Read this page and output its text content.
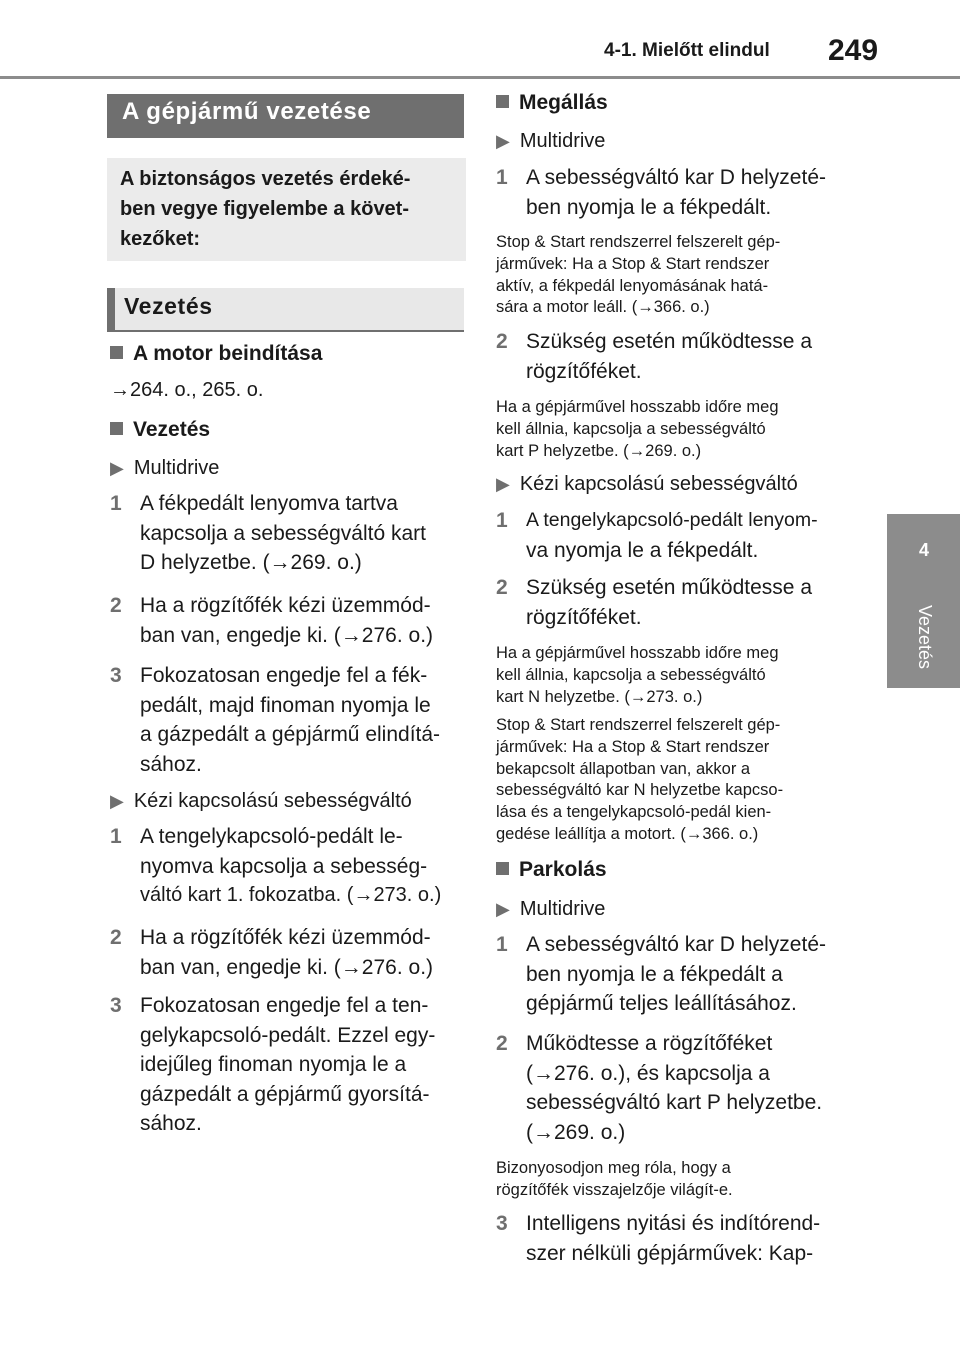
4-1. Mielőtt elindul 249
4
Vezetés
A gépjármű vezetése
A biztonságos vezetés érdeké-
ben vegye figyelembe a követ-
kezőket:
Vezetés
A motor beindítása
→264. o., 265. o.
Vezetés
▶ Multidrive
1 A fékpedált lenyomva tartva
kapcsolja a sebességváltó kart
D helyzetbe. (→269. o.)
2 Ha a rögzítőfék kézi üzemmód-
ban van, engedje ki. (→276. o.)
3 Fokozatosan engedje fel a fék-
pedált, majd finoman nyomja le
a gázpedált a gépjármű elindítá-
sához.
▶ Kézi kapcsolású sebességváltó
1 A tengelykapcsoló-pedált le-
nyomva kapcsolja a sebesség-
váltó kart 1. fokozatba. (→273. o.)
2 Ha a rögzítőfék kézi üzemmód-
ban van, engedje ki. (→276. o.)
3 Fokozatosan engedje fel a ten-
gelykapcsoló-pedált. Ezzel egy-
idejűleg finoman nyomja le a
gázpedált a gépjármű gyorsítá-
sához.
Megállás
▶ Multidrive
1 A sebességváltó kar D helyzeté-
ben nyomja le a fékpedált.
Stop & Start rendszerrel felszerelt gép-
járművek: Ha a Stop & Start rendszer
aktív, a fékpedál lenyomásának hatá-
sára a motor leáll. (→366. o.)
2 Szükség esetén működtesse a
rögzítőféket.
Ha a gépjárművel hosszabb időre meg
kell állnia, kapcsolja a sebességváltó
kart P helyzetbe. (→269. o.)
▶ Kézi kapcsolású sebességváltó
1 A tengelykapcsoló-pedált lenyom-
va nyomja le a fékpedált.
2 Szükség esetén működtesse a
rögzítőféket.
Ha a gépjárművel hosszabb időre meg
kell állnia, kapcsolja a sebességváltó
kart N helyzetbe. (→273. o.)
Stop & Start rendszerrel felszerelt gép-
járművek: Ha a Stop & Start rendszer
bekapcsolt állapotban van, akkor a
sebességváltó kar N helyzetbe kapcso-
lása és a tengelykapcsoló-pedál kien-
gedése leállítja a motort. (→366. o.)
Parkolás
▶ Multidrive
1 A sebességváltó kar D helyzeté-
ben nyomja le a fékpedált a
gépjármű teljes leállításához.
2 Működtesse a rögzítőféket
(→276. o.), és kapcsolja a
sebességváltó kart P helyzetbe.
(→269. o.)
Bizonyosodjon meg róla, hogy a
rögzítőfék visszajelzője világít-e.
3 Intelligens nyitási és indítórend-
szer nélküli gépjárművek: Kap-
